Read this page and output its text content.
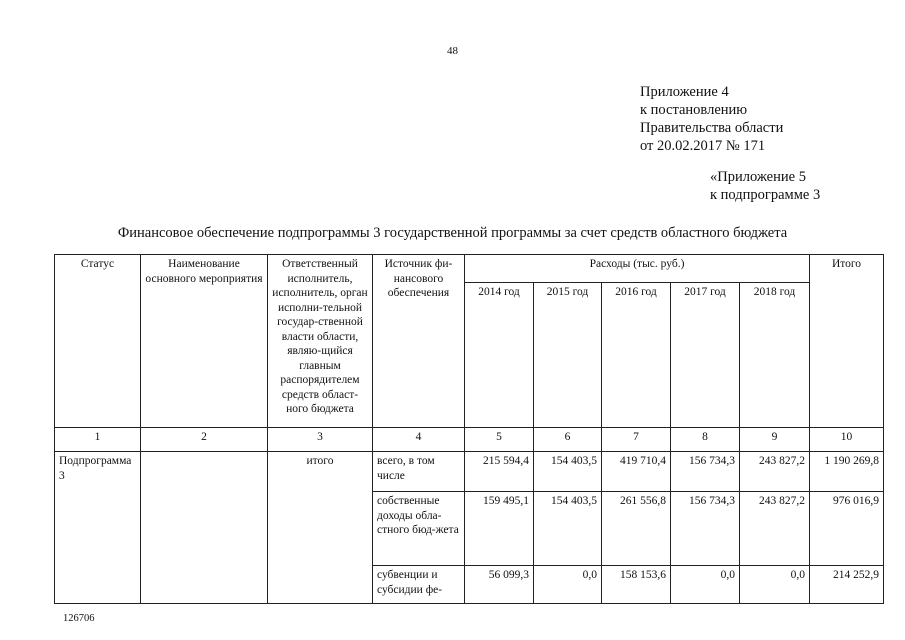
48
Приложение 4
к постановлению
Правительства области
от 20.02.2017 № 171
«Приложение 5
к подпрограмме 3
Финансовое обеспечение подпрограммы 3 государственной программы за счет средств областного бюджета
Статус	Наименование основного мероприятия	Ответственный исполнитель, исполнитель, орган исполни-тельной государ-ственной власти области, являю-щийся главным распорядителем средств област-ного бюджета	Источник фи-нансового обеспечения	Расходы (тыс. руб.)					Итого
				2014 год	2015 год	2016 год	2017 год	2018 год	
1	2	3	4	5	6	7	8	9	10
Подпрограмма 3		итого	всего, в том числе	215 594,4	154 403,5	419 710,4	156 734,3	243 827,2	1 190 269,8
			собственные доходы обла-стного бюд-жета	159 495,1	154 403,5	261 556,8	156 734,3	243 827,2	976 016,9
			субвенции и субсидии фе-	56 099,3	0,0	158 153,6	0,0	0,0	214 252,9
126706
